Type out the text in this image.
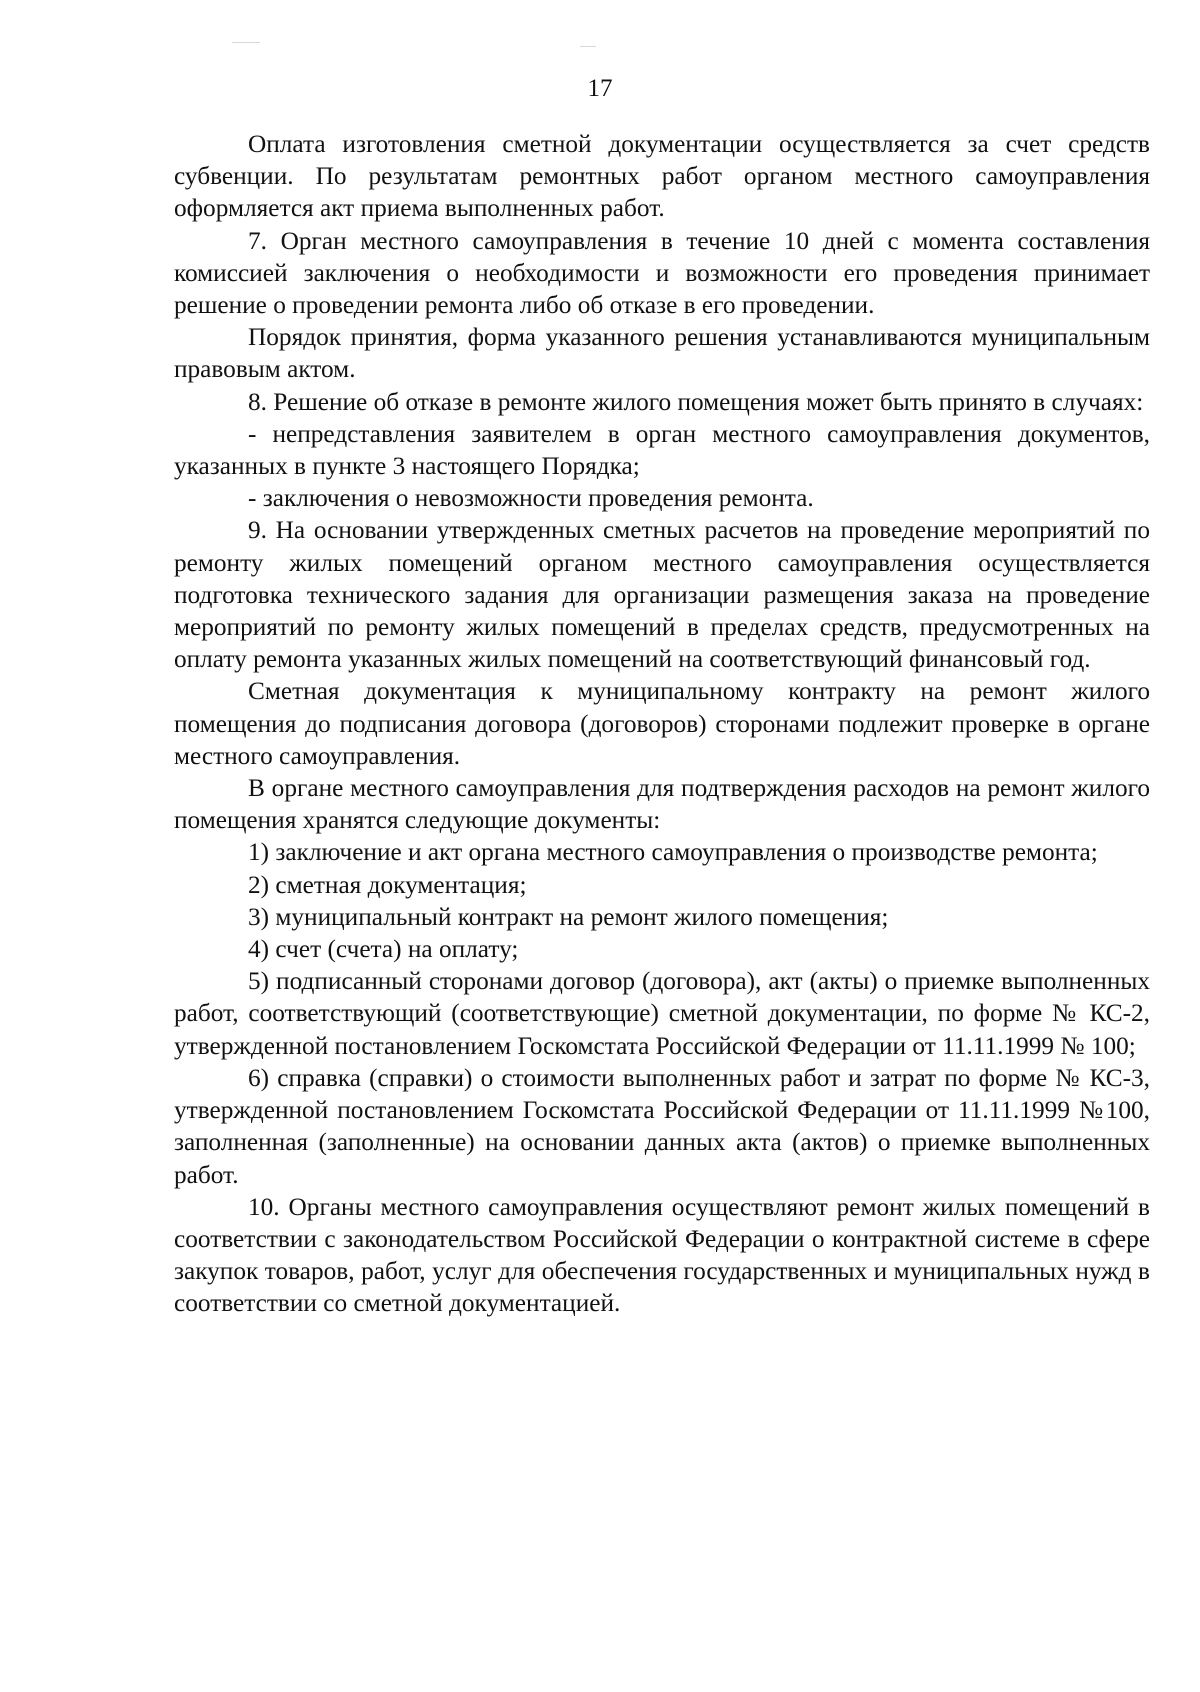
17

Оплата изготовления сметной документации осуществляется за счет средств субвенции. По результатам ремонтных работ органом местного самоуправления оформляется акт приема выполненных работ.

7. Орган местного самоуправления в течение 10 дней с момента составления комиссией заключения о необходимости и возможности его проведения принимает решение о проведении ремонта либо об отказе в его проведении.

Порядок принятия, форма указанного решения устанавливаются муниципальным правовым актом.

8. Решение об отказе в ремонте жилого помещения может быть принято в случаях:

- непредставления заявителем в орган местного самоуправления документов, указанных в пункте 3 настоящего Порядка;

- заключения о невозможности проведения ремонта.

9. На основании утвержденных сметных расчетов на проведение мероприятий по ремонту жилых помещений органом местного самоуправления осуществляется подготовка технического задания для организации размещения заказа на проведение мероприятий по ремонту жилых помещений в пределах средств, предусмотренных на оплату ремонта указанных жилых помещений на соответствующий финансовый год.

Сметная документация к муниципальному контракту на ремонт жилого помещения до подписания договора (договоров) сторонами подлежит проверке в органе местного самоуправления.

В органе местного самоуправления для подтверждения расходов на ремонт жилого помещения хранятся следующие документы:

1) заключение и акт органа местного самоуправления о производстве ремонта;

2) сметная документация;

3) муниципальный контракт на ремонт жилого помещения;

4) счет (счета) на оплату;

5) подписанный сторонами договор (договора), акт (акты) о приемке выполненных работ, соответствующий (соответствующие) сметной документации, по форме № КС-2, утвержденной постановлением Госкомстата Российской Федерации от 11.11.1999 № 100;

6) справка (справки) о стоимости выполненных работ и затрат по форме № КС-3, утвержденной постановлением Госкомстата Российской Федерации от 11.11.1999 №100, заполненная (заполненные) на основании данных акта (актов) о приемке выполненных работ.

10. Органы местного самоуправления осуществляют ремонт жилых помещений в соответствии с законодательством Российской Федерации о контрактной системе в сфере закупок товаров, работ, услуг для обеспечения государственных и муниципальных нужд в соответствии со сметной документацией.
